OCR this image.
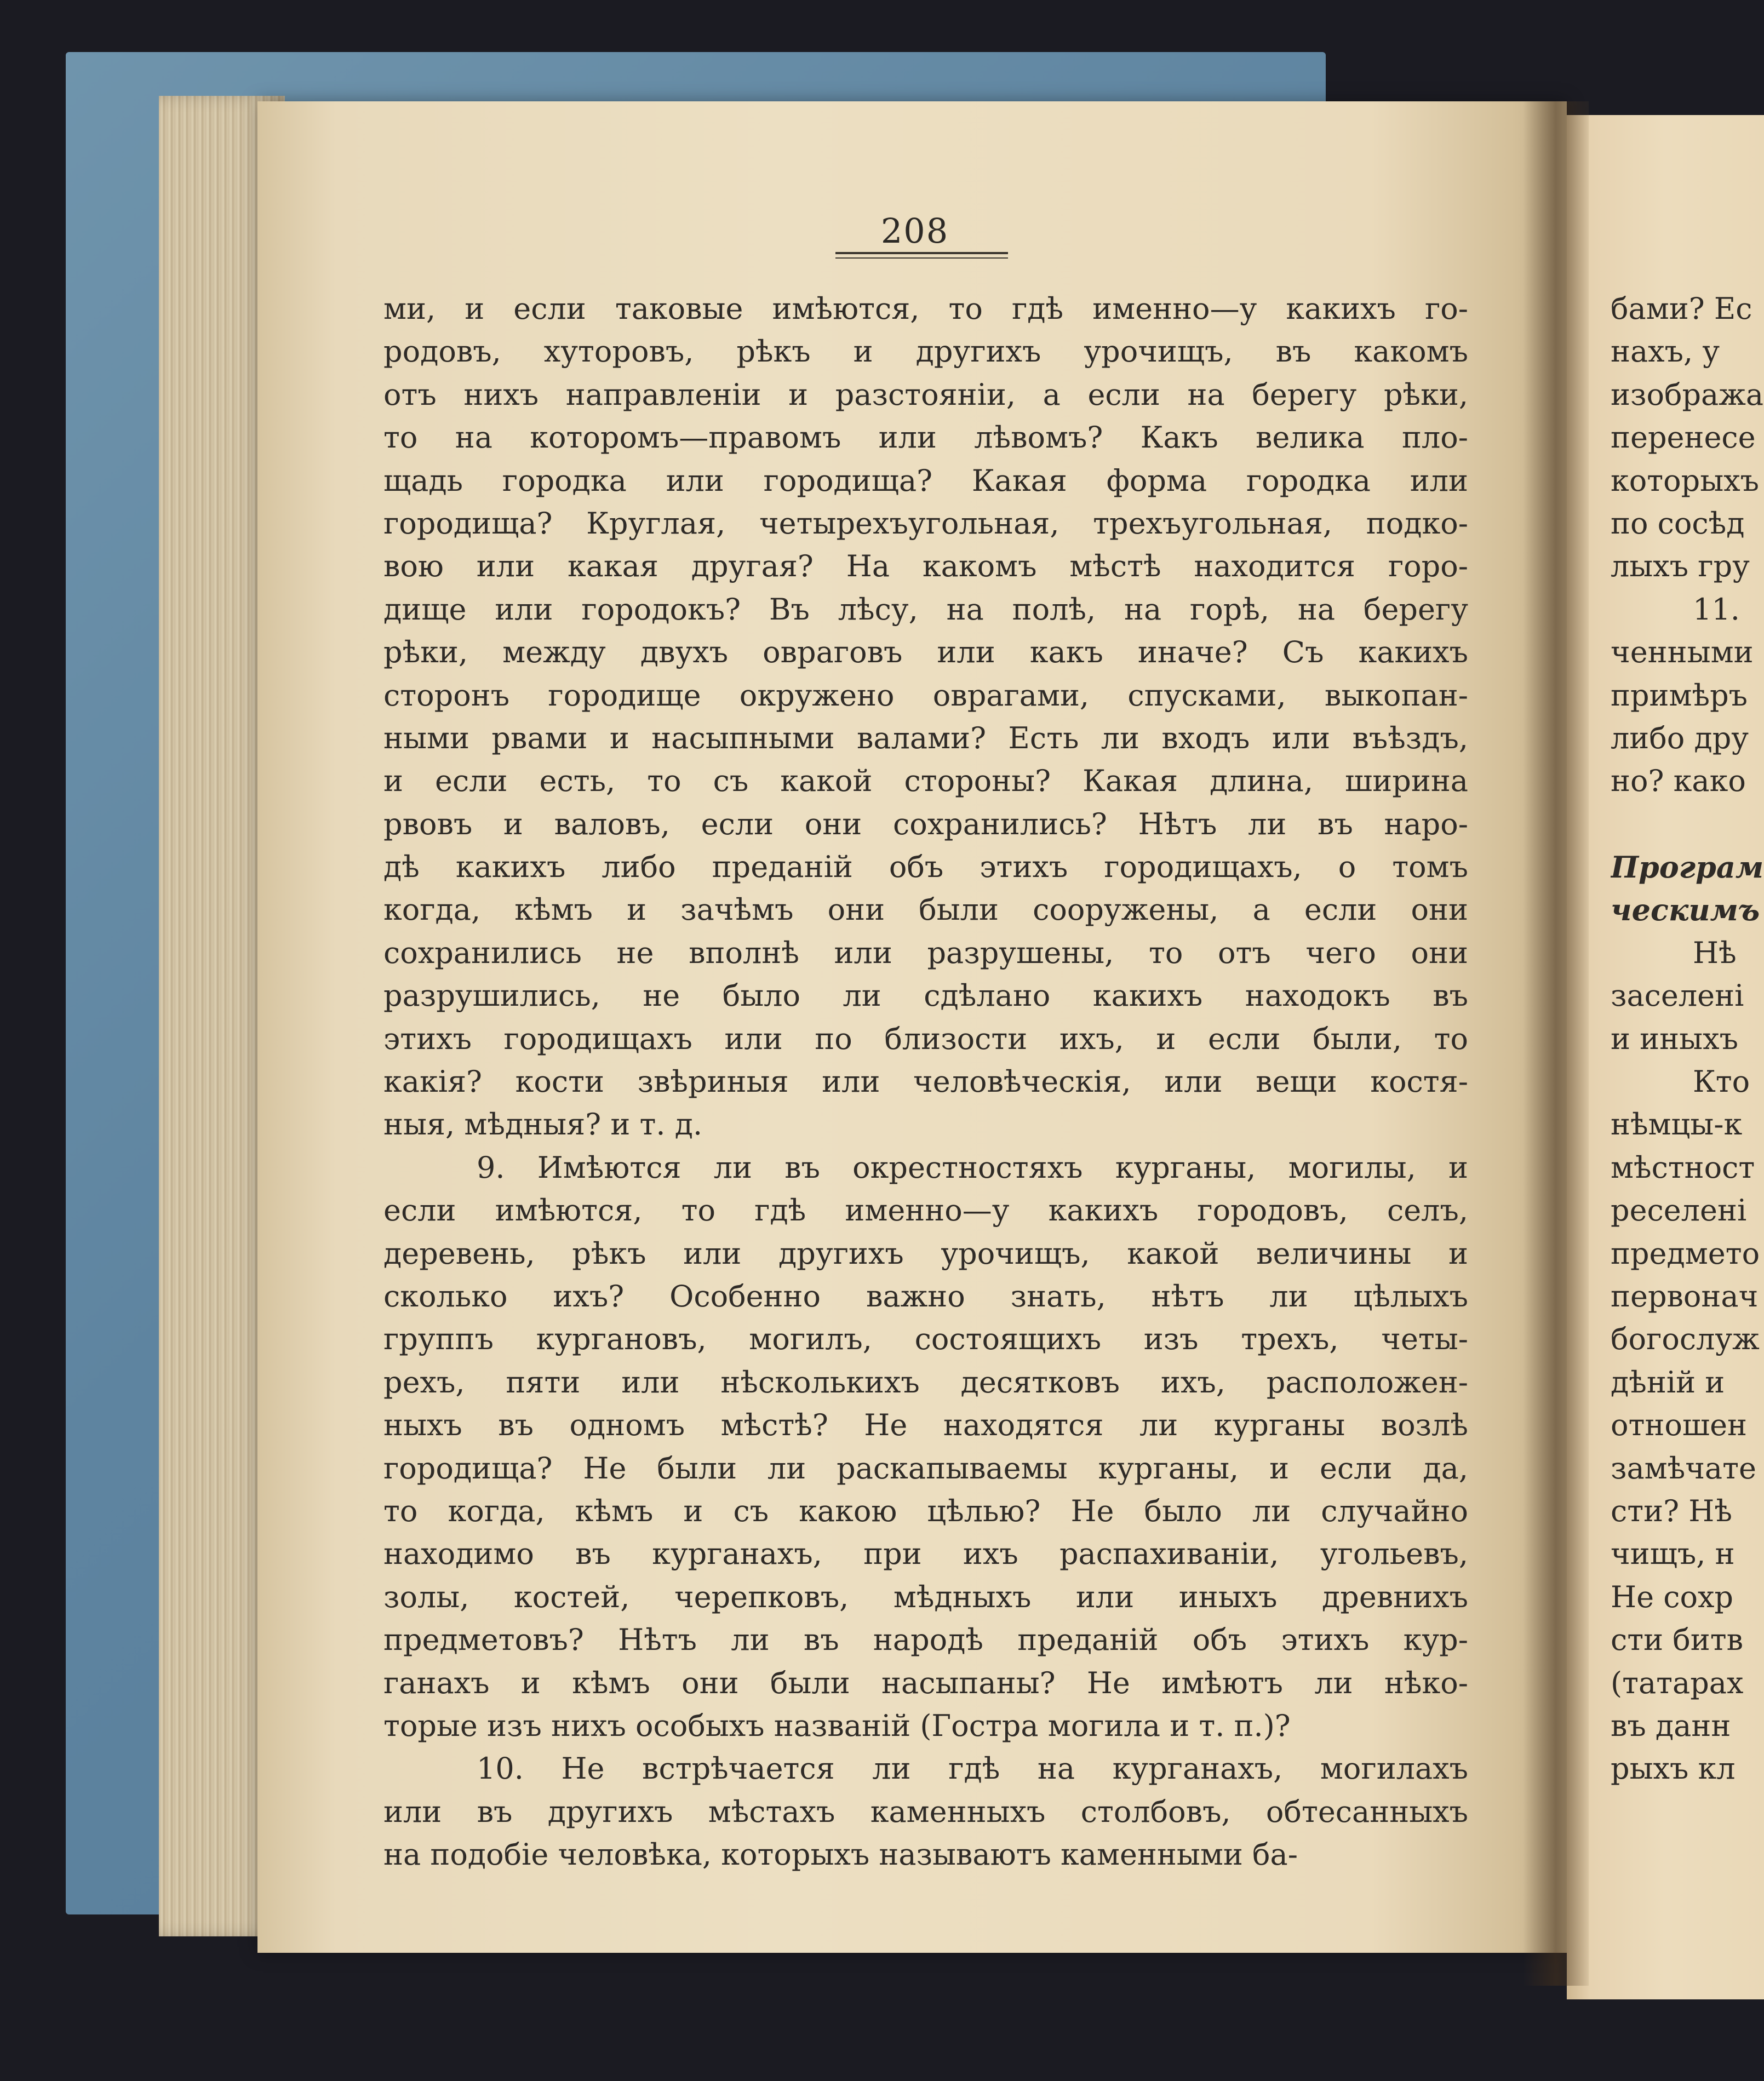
208
ми, и если таковые имѣются, то гдѣ именно—у какихъ го-
родовъ, хуторовъ, рѣкъ и другихъ урочищъ, въ какомъ
отъ нихъ направленіи и разстояніи, а если на берегу рѣки,
то на которомъ—правомъ или лѣвомъ? Какъ велика пло-
щадь городка или городища? Какая форма городка или
городища? Круглая, четырехъугольная, трехъугольная, подко-
вою или какая другая? На какомъ мѣстѣ находится горо-
дище или городокъ? Въ лѣсу, на полѣ, на горѣ, на берегу
рѣки, между двухъ овраговъ или какъ иначе? Съ какихъ
сторонъ городище окружено оврагами, спусками, выкопан-
ными рвами и насыпными валами? Есть ли входъ или въѣздъ,
и если есть, то съ какой стороны? Какая длина, ширина
рвовъ и валовъ, если они сохранились? Нѣтъ ли въ наро-
дѣ какихъ либо преданій объ этихъ городищахъ, о томъ
когда, кѣмъ и зачѣмъ они были сооружены, а если они
сохранились не вполнѣ или разрушены, то отъ чего они
разрушились, не было ли сдѣлано какихъ находокъ въ
этихъ городищахъ или по близости ихъ, и если были, то
какія? кости звѣриныя или человѣческія, или вещи костя-
ныя, мѣдныя? и т. д.
9. Имѣются ли въ окрестностяхъ курганы, могилы, и
если имѣются, то гдѣ именно—у какихъ городовъ, селъ,
деревень, рѣкъ или другихъ урочищъ, какой величины и
сколько ихъ? Особенно важно знать, нѣтъ ли цѣлыхъ
группъ кургановъ, могилъ, состоящихъ изъ трехъ, четы-
рехъ, пяти или нѣсколькихъ десятковъ ихъ, расположен-
ныхъ въ одномъ мѣстѣ? Не находятся ли курганы возлѣ
городища? Не были ли раскапываемы курганы, и если да,
то когда, кѣмъ и съ какою цѣлью? Не было ли случайно
находимо въ курганахъ, при ихъ распахиваніи, угольевъ,
золы, костей, черепковъ, мѣдныхъ или иныхъ древнихъ
предметовъ? Нѣтъ ли въ народѣ преданій объ этихъ кур-
ганахъ и кѣмъ они были насыпаны? Не имѣютъ ли нѣко-
торые изъ нихъ особыхъ названій (Гостра могила и т. п.)?
10. Не встрѣчается ли гдѣ на курганахъ, могилахъ
или въ другихъ мѣстахъ каменныхъ столбовъ, обтесанныхъ
на подобіе человѣка, которыхъ называютъ каменными ба-
бами? Ес
нахъ, у
изобража
перенесе
которыхъ
по сосѣд
лыхъ гру
11.
ченными
примѣръ
либо дру
но? како
Програм
ческимъ
Нѣ
заселені
и иныхъ
Кто
нѣмцы-к
мѣстност
реселені
предмето
первонач
богослуж
дѣній и
отношен
замѣчате
сти? Нѣ
чищъ, н
Не сохр
сти битв
(татарах
въ данн
рыхъ кл
